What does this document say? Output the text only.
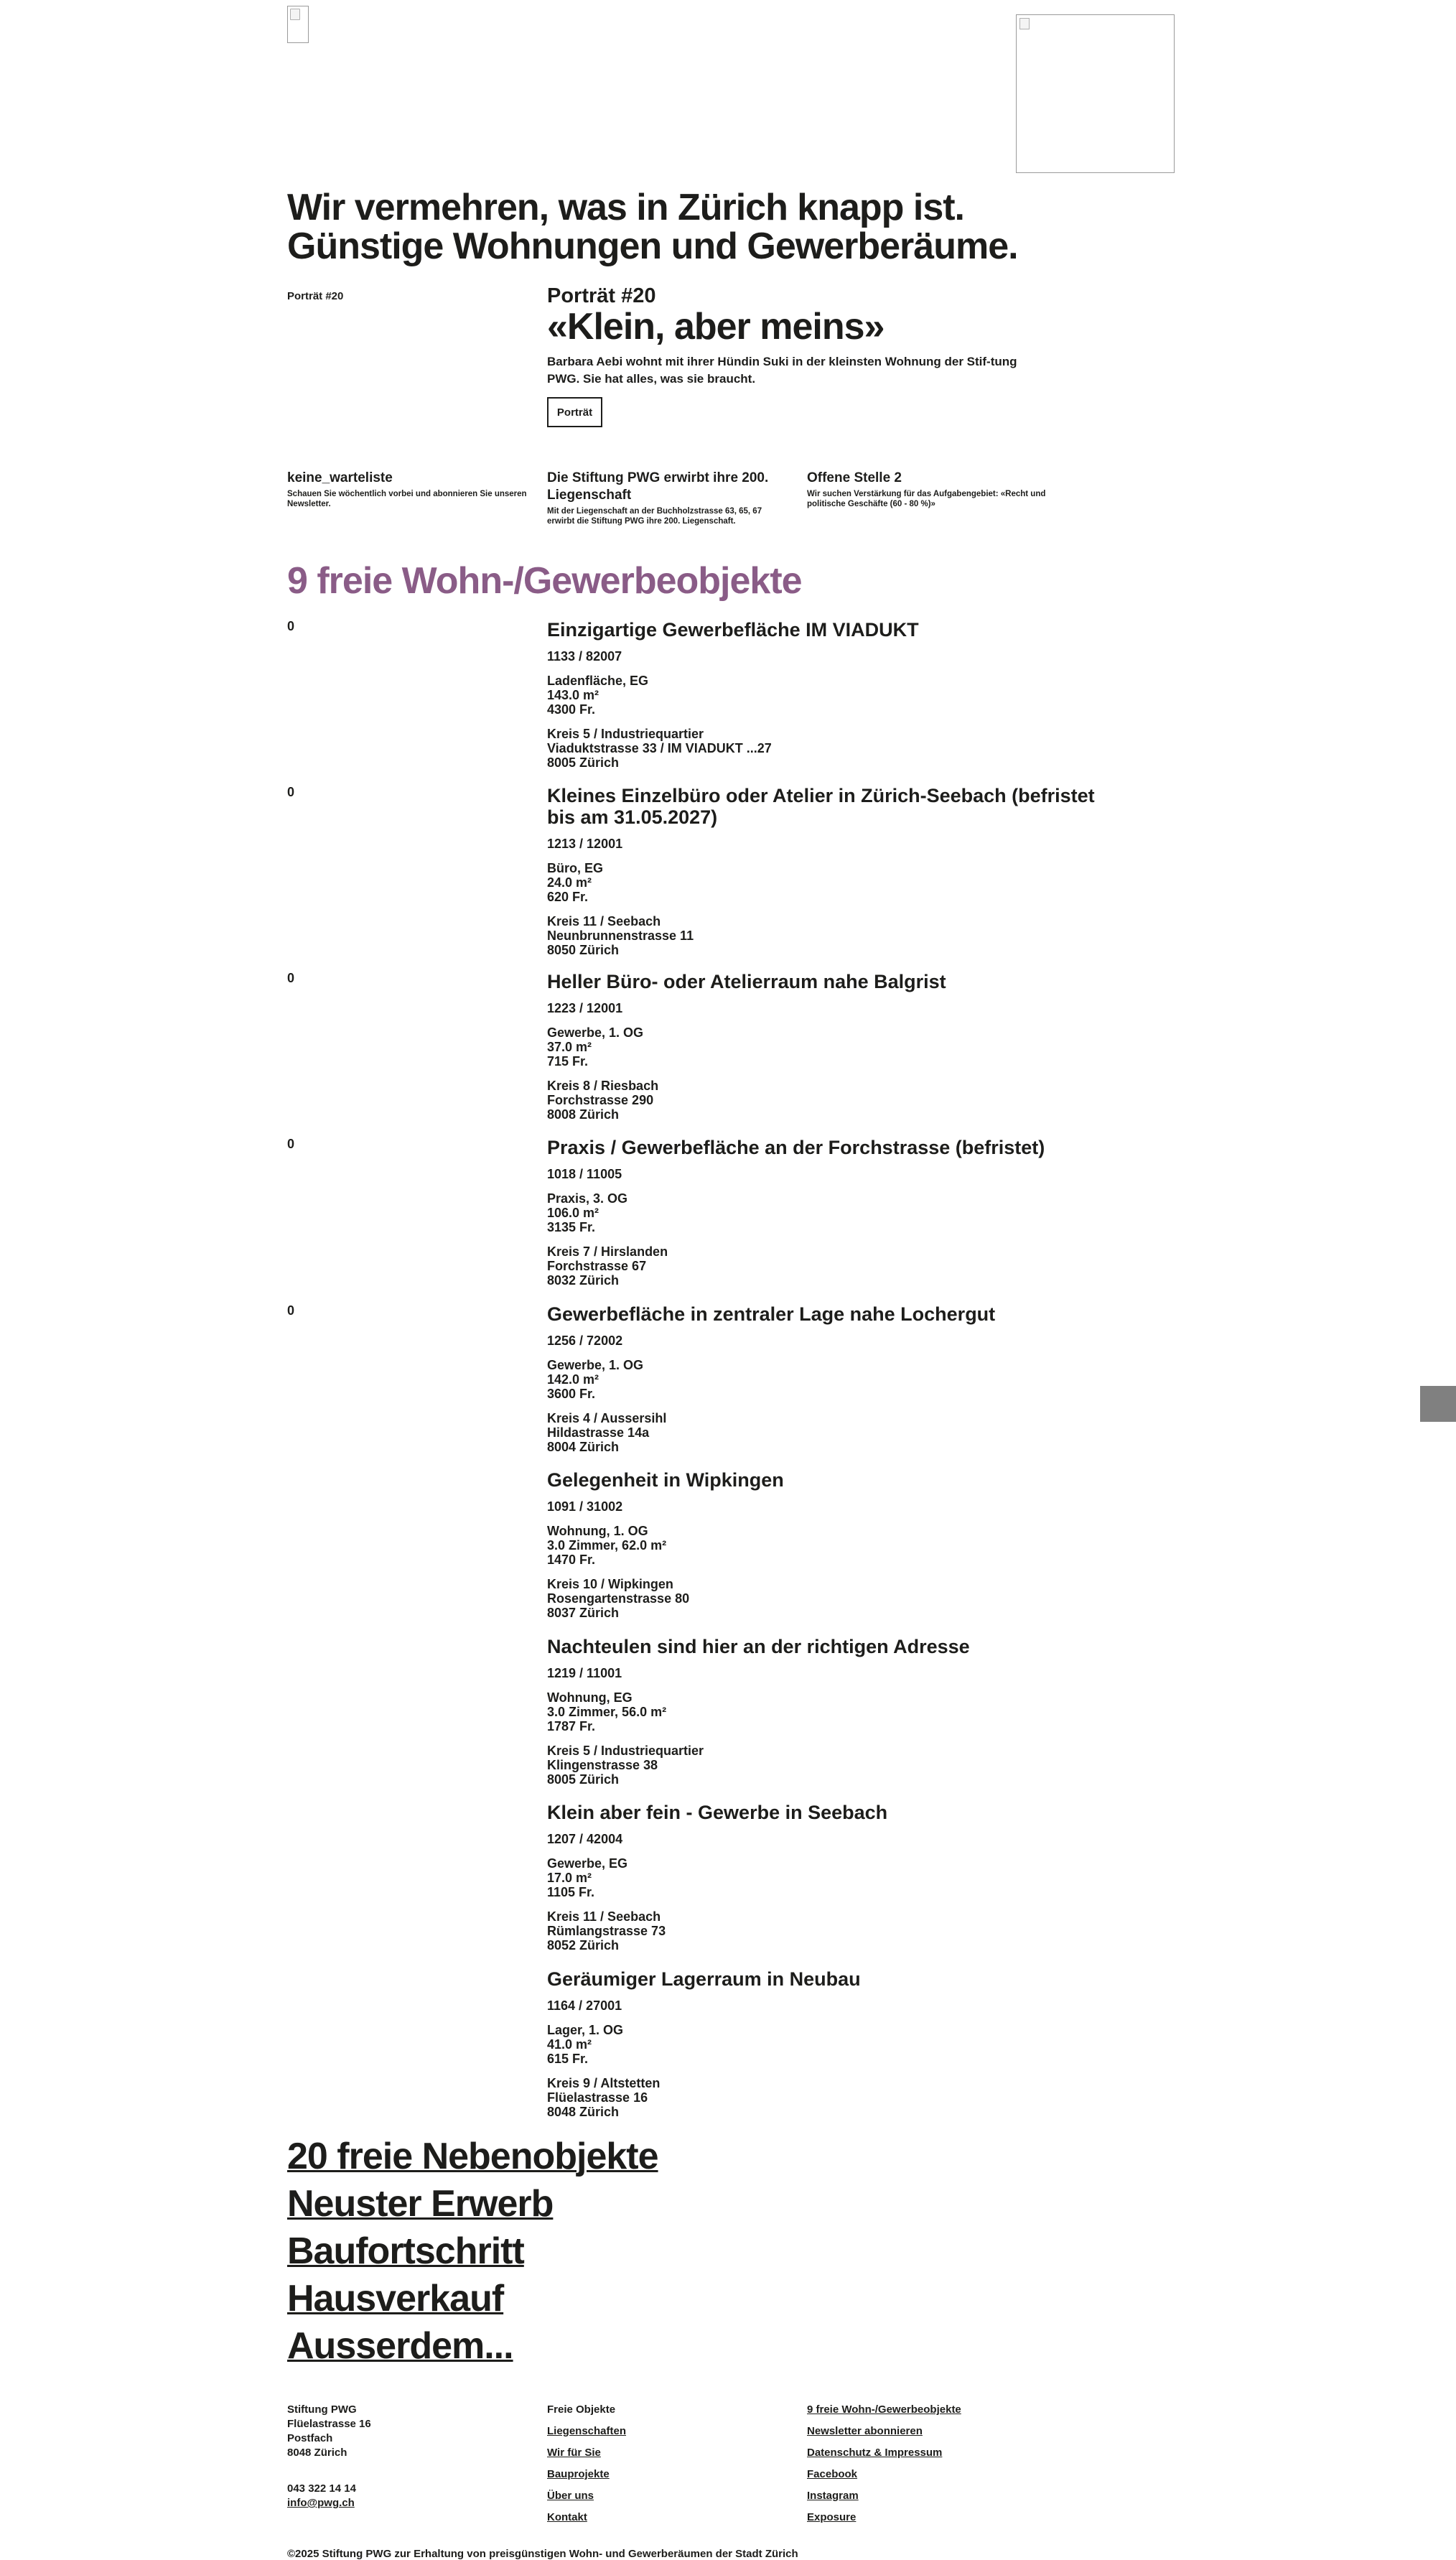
Wir vermehren, was in Zürich knapp ist.
Günstige Wohnungen und Gewerberäume.
Porträt #20	Porträt #20
«Klein, aber meins»
Barbara Aebi wohnt mit ihrer Hündin Suki in der kleinsten Wohnung der Stif-tung PWG. Sie hat alles, was sie braucht.
Porträt
keine_warteliste
Schauen Sie wöchentlich vorbei und abonnieren Sie unseren Newsletter.
Die Stiftung PWG erwirbt ihre 200. Liegenschaft
Mit der Liegenschaft an der Buchholzstrasse 63, 65, 67 erwirbt die Stiftung PWG ihre 200. Liegenschaft.
Offene Stelle 2
Wir suchen Verstärkung für das Aufgabengebiet: «Recht und politische Geschäfte (60 - 80 %)»
9 freie Wohn-/Gewerbeobjekte
0	Einzigartige Gewerbefläche IM VIADUKT
1133 / 82007
Ladenfläche, EG
143.0 m²
4300 Fr.
Kreis 5 / Industriequartier
Viaduktstrasse 33 / IM VIADUKT ...27
8005 Zürich
0	Kleines Einzelbüro oder Atelier in Zürich-Seebach (befristet bis am 31.05.2027)
1213 / 12001
Büro, EG
24.0 m²
620 Fr.
Kreis 11 / Seebach
Neunbrunnenstrasse 11
8050 Zürich
0	Heller Büro- oder Atelierraum nahe Balgrist
1223 / 12001
Gewerbe, 1. OG
37.0 m²
715 Fr.
Kreis 8 / Riesbach
Forchstrasse 290
8008 Zürich
0	Praxis / Gewerbefläche an der Forchstrasse (befristet)
1018 / 11005
Praxis, 3. OG
106.0 m²
3135 Fr.
Kreis 7 / Hirslanden
Forchstrasse 67
8032 Zürich
0	Gewerbefläche in zentraler Lage nahe Lochergut
1256 / 72002
Gewerbe, 1. OG
142.0 m²
3600 Fr.
Kreis 4 / Aussersihl
Hildastrasse 14a
8004 Zürich
Gelegenheit in Wipkingen
1091 / 31002
Wohnung, 1. OG
3.0 Zimmer, 62.0 m²
1470 Fr.
Kreis 10 / Wipkingen
Rosengartenstrasse 80
8037 Zürich
Nachteulen sind hier an der richtigen Adresse
1219 / 11001
Wohnung, EG
3.0 Zimmer, 56.0 m²
1787 Fr.
Kreis 5 / Industriequartier
Klingenstrasse 38
8005 Zürich
Klein aber fein - Gewerbe in Seebach
1207 / 42004
Gewerbe, EG
17.0 m²
1105 Fr.
Kreis 11 / Seebach
Rümlangstrasse 73
8052 Zürich
Geräumiger Lagerraum in Neubau
1164 / 27001
Lager, 1. OG
41.0 m²
615 Fr.
Kreis 9 / Altstetten
Flüelastrasse 16
8048 Zürich
20 freie Nebenobjekte
Neuster Erwerb
Baufortschritt
Hausverkauf
Ausserdem...
Stiftung PWG
Flüelastrasse 16
Postfach
8048 Zürich
043 322 14 14
info@pwg.ch
Freie Objekte
Liegenschaften
Wir für Sie
Bauprojekte
Über uns
Kontakt
9 freie Wohn-/Gewerbeobjekte
Newsletter abonnieren
Datenschutz & Impressum
Facebook
Instagram
Exposure
©2025 Stiftung PWG zur Erhaltung von preisgünstigen Wohn- und Gewerberäumen der Stadt Zürich
